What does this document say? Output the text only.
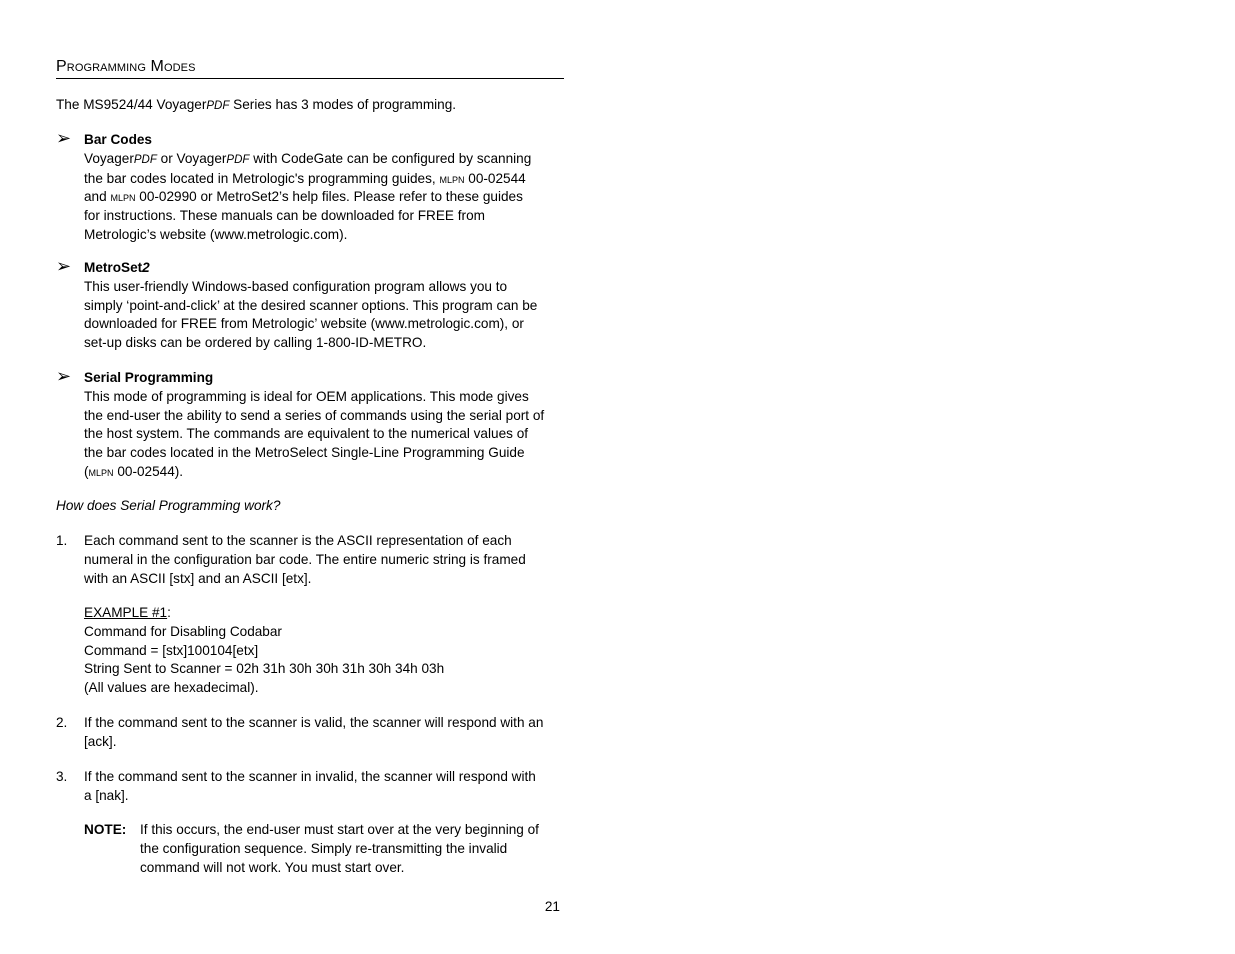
Programming Modes
The MS9524/44 VoyagerPDF Series has 3 modes of programming.
➢ Bar Codes
VoyagerPDF or VoyagerPDF with CodeGate can be configured by scanning
the bar codes located in Metrologic's programming guides, mlpn 00-02544
and mlpn 00-02990 or MetroSet2’s help files. Please refer to these guides
for instructions. These manuals can be downloaded for FREE from
Metrologic’s website (www.metrologic.com).
➢ MetroSet2
This user-friendly Windows-based configuration program allows you to
simply ‘point-and-click’ at the desired scanner options. This program can be
downloaded for FREE from Metrologic’ website (www.metrologic.com), or
set-up disks can be ordered by calling 1-800-ID-METRO.
➢ Serial Programming
This mode of programming is ideal for OEM applications. This mode gives
the end-user the ability to send a series of commands using the serial port of
the host system. The commands are equivalent to the numerical values of
the bar codes located in the MetroSelect Single-Line Programming Guide
(mlpn 00-02544).
How does Serial Programming work?
1. Each command sent to the scanner is the ASCII representation of each
numeral in the configuration bar code. The entire numeric string is framed
with an ASCII [stx] and an ASCII [etx].
EXAMPLE #1:
Command for Disabling Codabar
Command = [stx]100104[etx]
String Sent to Scanner = 02h 31h 30h 30h 31h 30h 34h 03h
(All values are hexadecimal).
2. If the command sent to the scanner is valid, the scanner will respond with an
[ack].
3. If the command sent to the scanner in invalid, the scanner will respond with
a [nak].
NOTE: If this occurs, the end-user must start over at the very beginning of
the configuration sequence. Simply re-transmitting the invalid
command will not work. You must start over.
21
